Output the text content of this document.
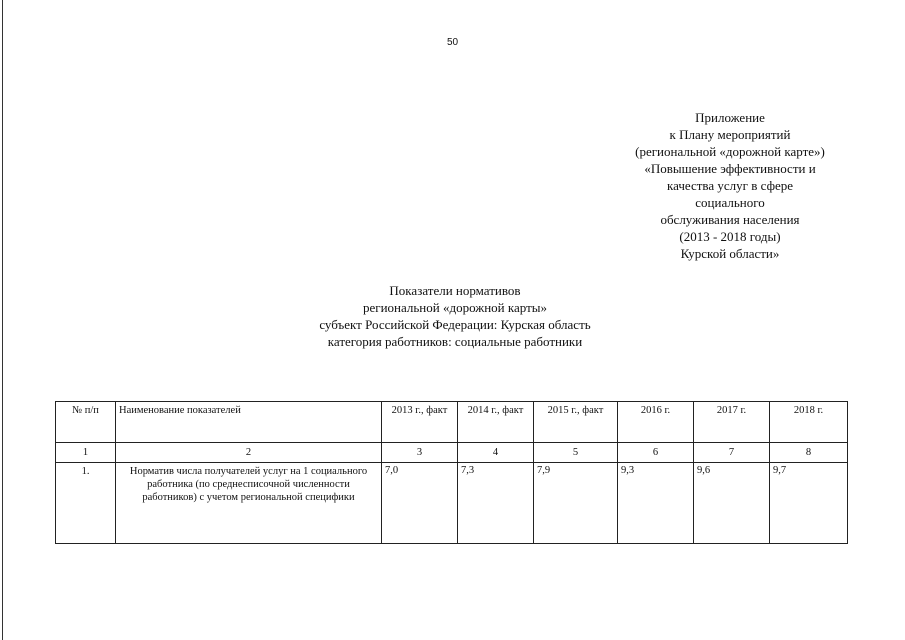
50
Приложение
к Плану мероприятий
(региональной «дорожной карте»)
«Повышение эффективности и
качества услуг в сфере
социального
обслуживания населения
(2013 - 2018 годы)
Курской области»
Показатели нормативов
региональной «дорожной карты»
субъект Российской Федерации: Курская область
категория работников: социальные работники
№ п/п	Наименование показателей	2013 г., факт	2014 г., факт	2015 г., факт	2016 г.	2017 г.	2018 г.
1	2	3	4	5	6	7	8
1.	Норматив числа получателей услуг на 1 социального работника (по среднесписочной численности работников) с учетом региональной специфики	7,0	7,3	7,9	9,3	9,6	9,7
